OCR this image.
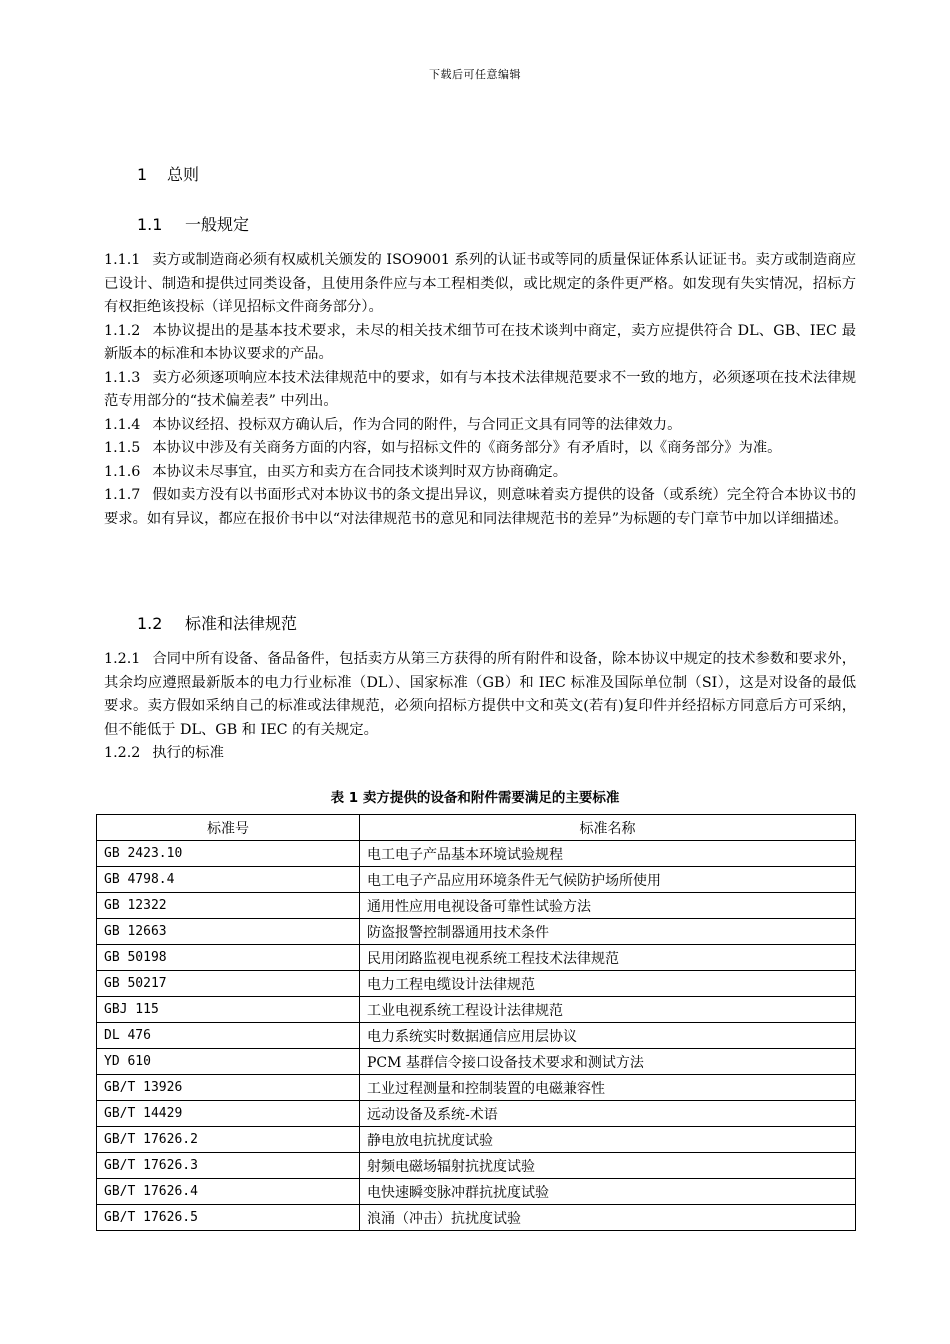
下载后可任意编辑
1 总则
1.1 一般规定

1.1.1 卖方或制造商必须有权威机关颁发的 ISO9001 系列的认证书或等同的质量保证体系认证证书。卖方或制造商应已设计、制造和提供过同类设备，且使用条件应与本工程相类似，或比规定的条件更严格。如发现有失实情况，招标方有权拒绝该投标（详见招标文件商务部分）。

1.1.2 本协议提出的是基本技术要求，未尽的相关技术细节可在技术谈判中商定，卖方应提供符合 DL、GB、IEC 最新版本的标准和本协议要求的产品。

1.1.3 卖方必须逐项响应本技术法律规范中的要求，如有与本技术法律规范要求不一致的地方，必须逐项在技术法律规范专用部分的“技术偏差表” 中列出。

1.1.4 本协议经招、投标双方确认后，作为合同的附件，与合同正文具有同等的法律效力。

1.1.5 本协议中涉及有关商务方面的内容，如与招标文件的《商务部分》有矛盾时，以《商务部分》为准。

1.1.6 本协议未尽事宜，由买方和卖方在合同技术谈判时双方协商确定。

1.1.7 假如卖方没有以书面形式对本协议书的条文提出异议，则意味着卖方提供的设备（或系统）完全符合本协议书的要求。如有异议，都应在报价书中以“对法律规范书的意见和同法律规范书的差异”为标题的专门章节中加以详细描述。

1.2 标准和法律规范

1.2.1 合同中所有设备、备品备件，包括卖方从第三方获得的所有附件和设备，除本协议中规定的技术参数和要求外，其余均应遵照最新版本的电力行业标准（DL）、国家标准（GB）和 IEC 标准及国际单位制（SI），这是对设备的最低要求。卖方假如采纳自己的标准或法律规范，必须向招标方提供中文和英文(若有)复印件并经招标方同意后方可采纳，但不能低于 DL、GB 和 IEC 的有关规定。

1.2.2 执行的标准

表 1 卖方提供的设备和附件需要满足的主要标准
标准号	标准名称
GB 2423.10	电工电子产品基本环境试验规程
GB 4798.4	电工电子产品应用环境条件无气候防护场所使用
GB 12322	通用性应用电视设备可靠性试验方法
GB 12663	防盗报警控制器通用技术条件
GB 50198	民用闭路监视电视系统工程技术法律规范
GB 50217	电力工程电缆设计法律规范
GBJ 115	工业电视系统工程设计法律规范
DL 476	电力系统实时数据通信应用层协议
YD 610	PCM 基群信令接口设备技术要求和测试方法
GB/T 13926	工业过程测量和控制装置的电磁兼容性
GB/T 14429	远动设备及系统-术语
GB/T 17626.2	静电放电抗扰度试验
GB/T 17626.3	射频电磁场辐射抗扰度试验
GB/T 17626.4	电快速瞬变脉冲群抗扰度试验
GB/T 17626.5	浪涌（冲击）抗扰度试验
